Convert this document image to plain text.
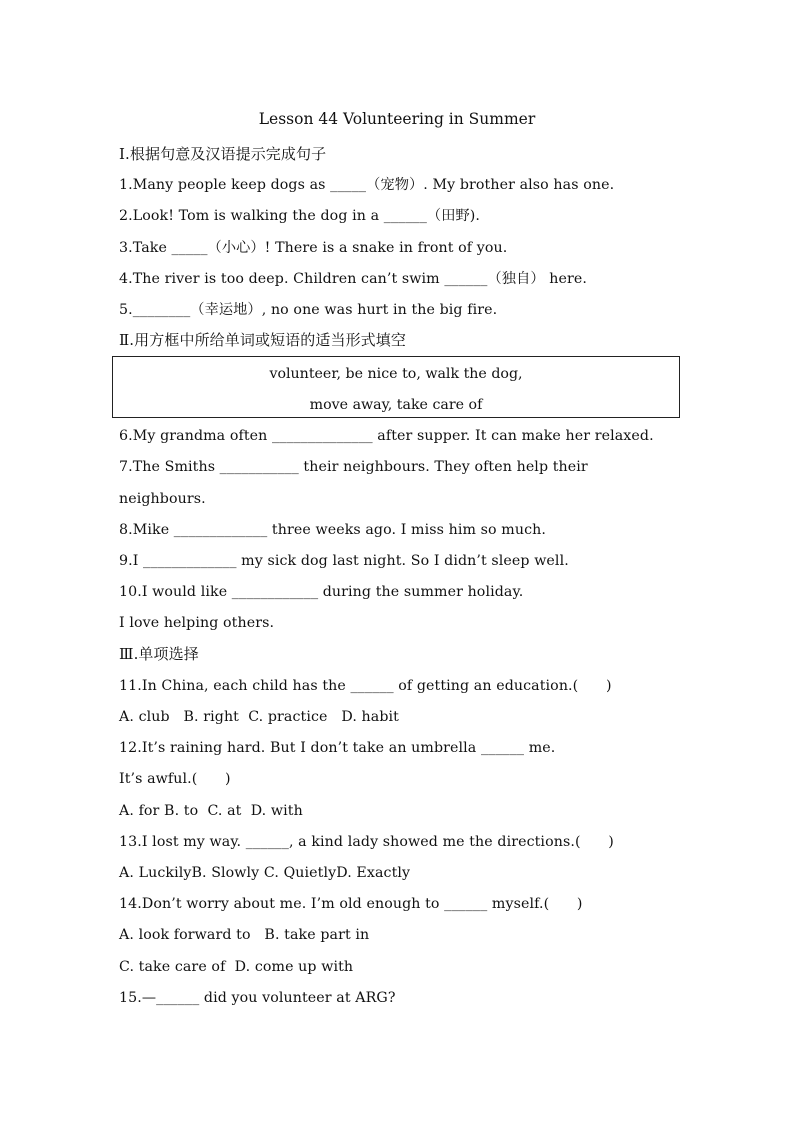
Lesson 44 Volunteering in Summer
Ⅰ.根据句意及汉语提示完成句子
1.Many people keep dogs as _____（宠物）. My brother also has one.
2.Look! Tom is walking the dog in a ______（田野).
3.Take _____（小心）! There is a snake in front of you.
4.The river is too deep. Children can’t swim ______（独自） here.
5.________（幸运地）, no one was hurt in the big fire.
Ⅱ.用方框中所给单词或短语的适当形式填空
volunteer, be nice to, walk the dog,
move away, take care of
6.My grandma often ______________ after supper. It can make her relaxed.
7.The Smiths ___________ their neighbours. They often help their
neighbours.
8.Mike _____________ three weeks ago. I miss him so much.
9.I _____________ my sick dog last night. So I didn’t sleep well.
10.I would like ____________ during the summer holiday.
I love helping others.
Ⅲ.单项选择
11.In China, each child has the ______ of getting an education.(      )
A. club   B. right  C. practice   D. habit
12.It’s raining hard. But I don’t take an umbrella ______ me.
It’s awful.(      )
A. for B. to  C. at  D. with
13.I lost my way. ______, a kind lady showed me the directions.(      )
A. LuckilyB. Slowly C. QuietlyD. Exactly
14.Don’t worry about me. I’m old enough to ______ myself.(      )
A. look forward to   B. take part in
C. take care of  D. come up with
15.—______ did you volunteer at ARG?
